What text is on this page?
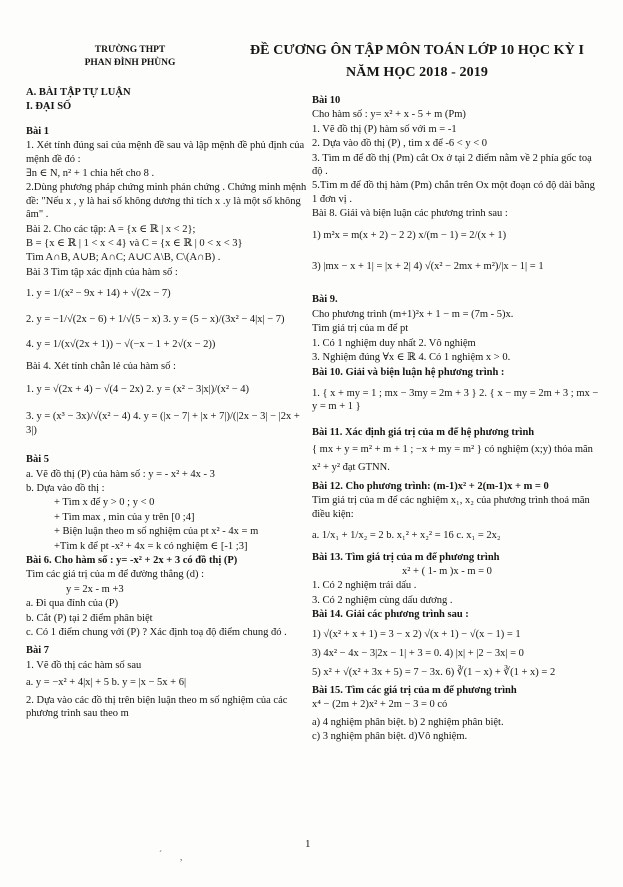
TRƯỜNG THPT
PHAN ĐÌNH PHÙNG
ĐỀ CƯƠNG ÔN TẬP MÔN TOÁN LỚP 10 HỌC KỲ I
NĂM HỌC 2018 - 2019
A. BÀI TẬP TỰ LUẬN
I. ĐẠI SỐ
Bài 1
1. Xét tính đúng sai của mệnh đề sau và lập mệnh đề phủ định của mệnh đề đó :
∃n ∈ N, n² + 1 chia hết cho 8 .
2.Dùng phương pháp chứng minh phản chứng . Chứng minh mệnh đề: "Nếu x , y là hai số không dương thì tích x .y là một số không âm" .
Bài 2. Cho các tập: A = {x ∈ ℝ | x < 2};
B = {x ∈ ℝ | 1 < x < 4} và C = {x ∈ ℝ | 0 < x < 3}
Tìm A∩B, A∪B; A∩C; A∪C A\B, C\(A∩B) .
Bài 3 Tìm tập xác định của hàm số :
1. y = 1/(x² − 9x + 14) + √(2x − 7)
2. y = −1/√(2x − 6) + 1/√(5 − x) 3. y = (5 − x)/(3x² − 4|x| − 7)
4. y = 1/(x√(2x + 1)) − √(−x − 1 + 2√(x − 2))
Bài 4. Xét tính chẵn lẻ của hàm số :
1. y = √(2x + 4) − √(4 − 2x) 2. y = (x² − 3|x|)/(x² − 4)
3. y = (x³ − 3x)/√(x² − 4) 4. y = (|x − 7| + |x + 7|)/(|2x − 3| − |2x + 3|)
Bài 5
a. Vẽ đồ thị (P) của hàm số : y = - x² + 4x - 3
b. Dựa vào đồ thị :
+ Tìm x để y > 0 ; y < 0
+ Tìm max , min của y trên [0 ;4]
+ Biện luận theo m số nghiệm của pt x² - 4x = m
+Tìm k để pt -x² + 4x = k có nghiệm ∈ [-1 ;3]
Bài 6. Cho hàm số : y= -x² + 2x + 3 có đồ thị (P)
Tìm các giá trị của m để đường thẳng (d) :
y = 2x - m +3
a. Đi qua đỉnh của (P)
b. Cắt (P) tại 2 điểm phân biệt
c. Có 1 điểm chung với (P) ? Xác định toạ độ điểm chung đó .
Bài 7
1. Vẽ đồ thị các hàm số sau
a. y = −x² + 4|x| + 5 b. y = |x − 5x + 6|
2. Dựa vào các đồ thị trên biện luận theo m số nghiệm của các phương trình sau theo m
Bài 10
Cho hàm số : y= x² + x - 5 + m (Pm)
1. Vẽ đồ thị (P) hàm số với m = -1
2. Dựa vào đồ thị (P) , tìm x để -6 < y < 0
3. Tìm m để đồ thị (Pm) cắt Ox ở tại 2 điểm nằm về 2 phía gốc toạ độ .
5.Tìm m để đồ thị hàm (Pm) chắn trên Ox một đoạn có độ dài bằng 1 đơn vị .
Bài 8. Giải và biện luận các phương trình sau :
1) m²x = m(x + 2) − 2 2) x/(m − 1) = 2/(x + 1)
3) |mx − x + 1| = |x + 2| 4) √(x² − 2mx + m²)/|x − 1| = 1
Bài 9.
Cho phương trình (m+1)²x + 1 − m = (7m - 5)x.
Tìm giá trị của m để pt
1. Có 1 nghiệm duy nhất 2. Vô nghiệm
3. Nghiệm đúng ∀x ∈ ℝ 4. Có 1 nghiệm x > 0.
Bài 10. Giải và biện luận hệ phương trình :
1. { x + my = 1 ; mx − 3my = 2m + 3 } 2. { x − my = 2m + 3 ; mx − y = m + 1 }
Bài 11. Xác định giá trị của m để hệ phương trình
{ mx + y = m² + m + 1 ; −x + my = m² } có nghiệm (x;y) thỏa mãn
x² + y² đạt GTNN.
Bài 12. Cho phương trình: (m-1)x² + 2(m-1)x + m = 0
Tìm giá trị của m để các nghiệm x₁, x₂ của phương trình thoả mãn điều kiện:
a. 1/x₁ + 1/x₂ = 2 b. x₁² + x₂² = 16 c. x₁ = 2x₂
Bài 13. Tìm giá trị của m để phương trình
x² + ( 1- m )x - m = 0
1. Có 2 nghiệm trái dấu .
3. Có 2 nghiệm cùng dấu dương .
Bài 14. Giải các phương trình sau :
1) √(x² + x + 1) = 3 − x 2) √(x + 1) − √(x − 1) = 1
3) 4x² − 4x − 3|2x − 1| + 3 = 0. 4) |x| + |2 − 3x| = 0
5) x² + √(x² + 3x + 5) = 7 − 3x. 6) ∛(1 − x) + ∛(1 + x) = 2
Bài 15. Tìm các giá trị của m để phương trình
x⁴ − (2m + 2)x² + 2m − 3 = 0 có
a) 4 nghiệm phân biệt. b) 2 nghiệm phân biệt.
c) 3 nghiệm phân biệt. d)Vô nghiệm.
1
´ ,
